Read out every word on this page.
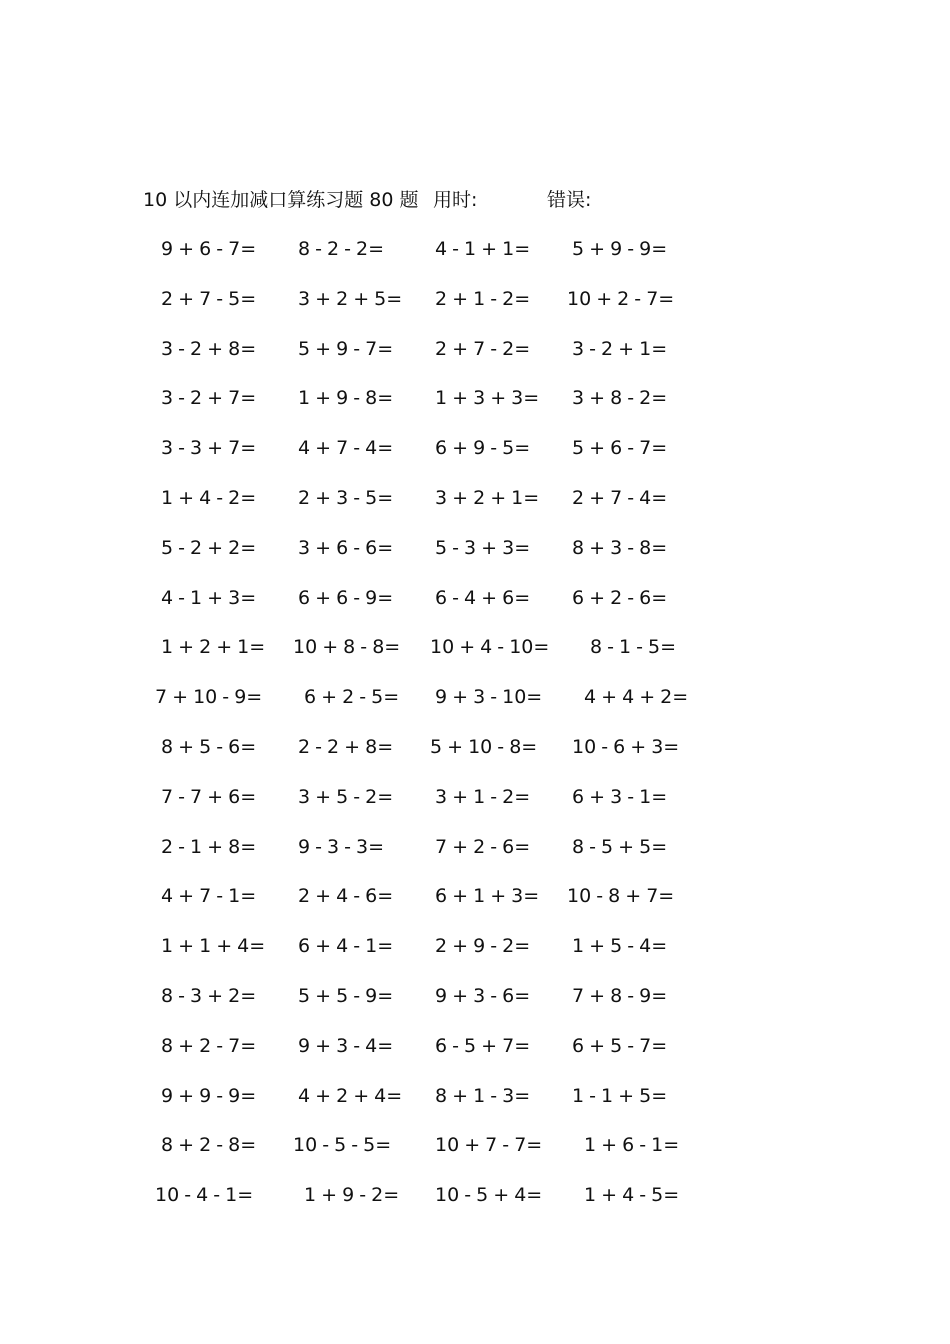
10 以内连加减口算练习题 80 题 用时:	错误:
9 + 6 - 7= 8 - 2 - 2=	4 - 1 + 1= 5 + 9 - 9=
2 + 7 - 5= 3 + 2 + 5= 2 + 1 - 2= 10 + 2 - 7=
3 - 2 + 8= 5 + 9 - 7= 2 + 7 - 2= 3 - 2 + 1=
3 - 2 + 7= 1 + 9 - 8= 1 + 3 + 3= 3 + 8 - 2=
3 - 3 + 7= 4 + 7 - 4= 6 + 9 - 5= 5 + 6 - 7=
1 + 4 - 2= 2 + 3 - 5= 3 + 2 + 1= 2 + 7 - 4=
5 - 2 + 2= 3 + 6 - 6= 5 - 3 + 3= 8 + 3 - 8=
4 - 1 + 3= 6 + 6 - 9= 6 - 4 + 6= 6 + 2 - 6=
1 + 2 + 1= 10 + 8 - 8= 10 + 4 - 10= 8 - 1 - 5=
7 + 10 - 9= 6 + 2 - 5= 9 + 3 - 10= 4 + 4 + 2=
8 + 5 - 6= 2 - 2 + 8= 5 + 10 - 8= 10 - 6 + 3=
7 - 7 + 6= 3 + 5 - 2= 3 + 1 - 2= 6 + 3 - 1=
2 - 1 + 8= 9 - 3 - 3=	7 + 2 - 6= 8 - 5 + 5=
4 + 7 - 1= 2 + 4 - 6= 6 + 1 + 3= 10 - 8 + 7=
1 + 1 + 4= 6 + 4 - 1= 2 + 9 - 2= 1 + 5 - 4=
8 - 3 + 2= 5 + 5 - 9= 9 + 3 - 6= 7 + 8 - 9=
8 + 2 - 7= 9 + 3 - 4= 6 - 5 + 7= 6 + 5 - 7=
9 + 9 - 9= 4 + 2 + 4= 8 + 1 - 3= 1 - 1 + 5=
8 + 2 - 8= 10 - 5 - 5= 10 + 7 - 7= 1 + 6 - 1=
10 - 4 - 1=	1 + 9 - 2= 10 - 5 + 4= 1 + 4 - 5=
